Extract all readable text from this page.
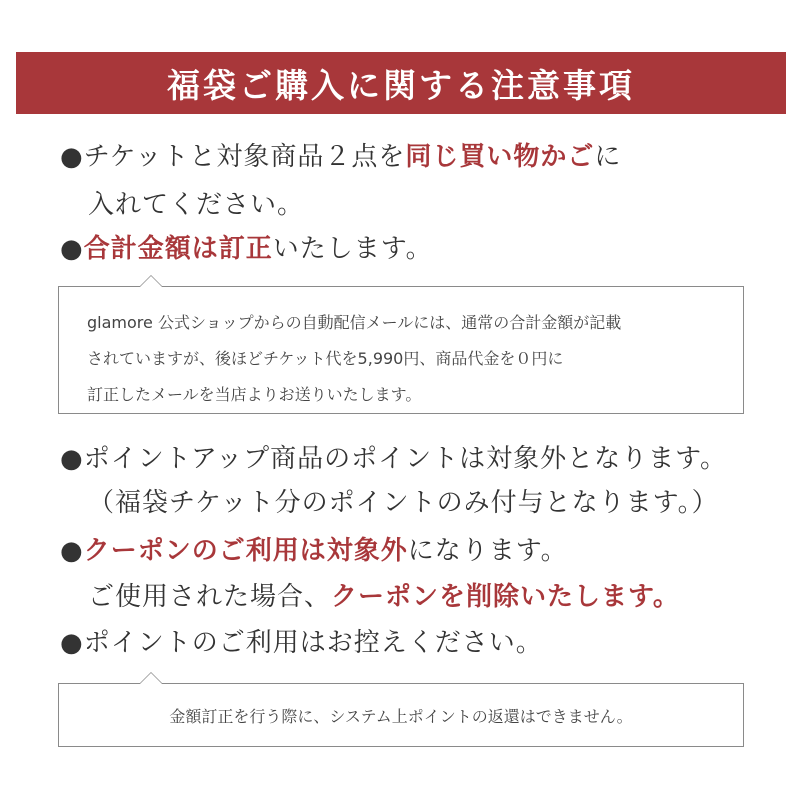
福袋ご購入に関する注意事項
●チケットと対象商品２点を同じ買い物かごに
入れてください。
●合計金額は訂正いたします。

glamore 公式ショップからの自動配信メールには、通常の合計金額が記載

されていますが、後ほどチケット代を5,990円、商品代金を０円に

訂正したメールを当店よりお送りいたします。

●ポイントアップ商品のポイントは対象外となります。
（福袋チケット分のポイントのみ付与となります。）
●クーポンのご利用は対象外になります。
ご使用された場合、クーポンを削除いたします。
●ポイントのご利用はお控えください。

金額訂正を行う際に、システム上ポイントの返還はできません。
